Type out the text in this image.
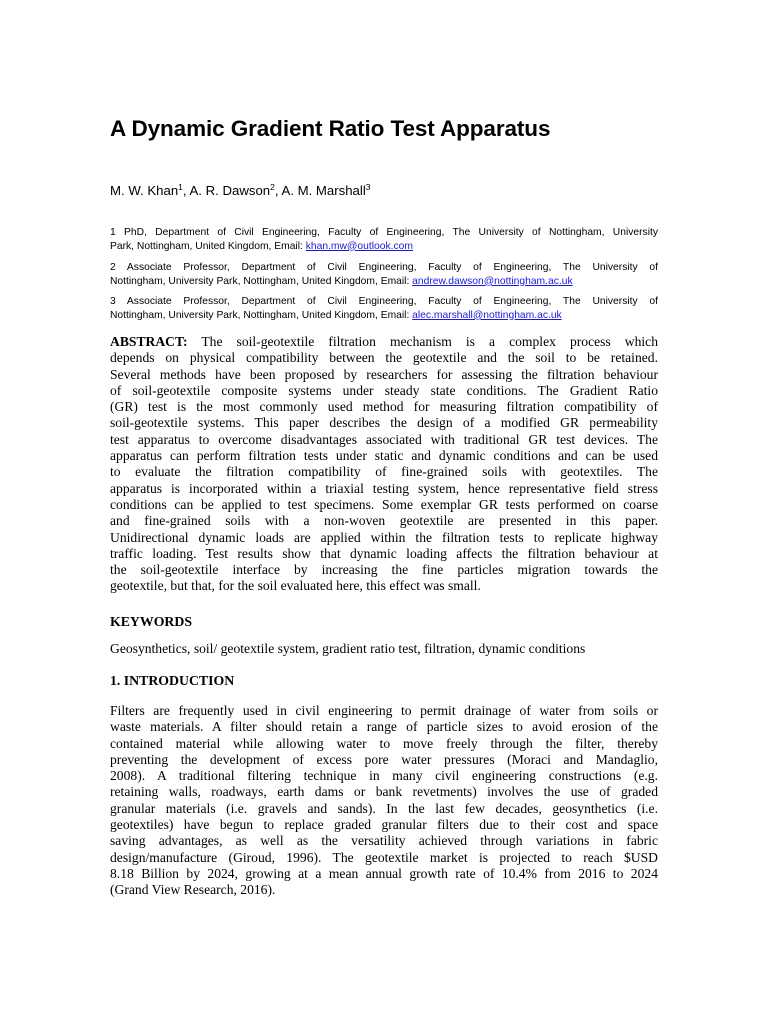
A Dynamic Gradient Ratio Test Apparatus
M. W. Khan$^1$, A. R. Dawson$^2$, A. M. Marshall$^3$
1 PhD, Department of Civil Engineering, Faculty of Engineering, The University of Nottingham, University
Park, Nottingham, United Kingdom, Email: khan.mw@outlook.com
2 Associate Professor, Department of Civil Engineering, Faculty of Engineering, The University of
Nottingham, University Park, Nottingham, United Kingdom, Email: andrew.dawson@nottingham.ac.uk
3 Associate Professor, Department of Civil Engineering, Faculty of Engineering, The University of
Nottingham, University Park, Nottingham, United Kingdom, Email: alec.marshall@nottingham.ac.uk
ABSTRACT: The soil-geotextile filtration mechanism is a complex process which
depends on physical compatibility between the geotextile and the soil to be retained.
Several methods have been proposed by researchers for assessing the filtration behaviour
of soil-geotextile composite systems under steady state conditions. The Gradient Ratio
(GR) test is the most commonly used method for measuring filtration compatibility of
soil-geotextile systems. This paper describes the design of a modified GR permeability
test apparatus to overcome disadvantages associated with traditional GR test devices. The
apparatus can perform filtration tests under static and dynamic conditions and can be used
to evaluate the filtration compatibility of fine-grained soils with geotextiles. The
apparatus is incorporated within a triaxial testing system, hence representative field stress
conditions can be applied to test specimens. Some exemplar GR tests performed on coarse
and fine-grained soils with a non-woven geotextile are presented in this paper.
Unidirectional dynamic loads are applied within the filtration tests to replicate highway
traffic loading. Test results show that dynamic loading affects the filtration behaviour at
the soil-geotextile interface by increasing the fine particles migration towards the
geotextile, but that, for the soil evaluated here, this effect was small.
KEYWORDS
Geosynthetics, soil/ geotextile system, gradient ratio test, filtration, dynamic conditions
1. INTRODUCTION
Filters are frequently used in civil engineering to permit drainage of water from soils or
waste materials. A filter should retain a range of particle sizes to avoid erosion of the
contained material while allowing water to move freely through the filter, thereby
preventing the development of excess pore water pressures (Moraci and Mandaglio,
2008). A traditional filtering technique in many civil engineering constructions (e.g.
retaining walls, roadways, earth dams or bank revetments) involves the use of graded
granular materials (i.e. gravels and sands). In the last few decades, geosynthetics (i.e.
geotextiles) have begun to replace graded granular filters due to their cost and space
saving advantages, as well as the versatility achieved through variations in fabric
design/manufacture (Giroud, 1996). The geotextile market is projected to reach $USD
8.18 Billion by 2024, growing at a mean annual growth rate of 10.4% from 2016 to 2024
(Grand View Research, 2016).
